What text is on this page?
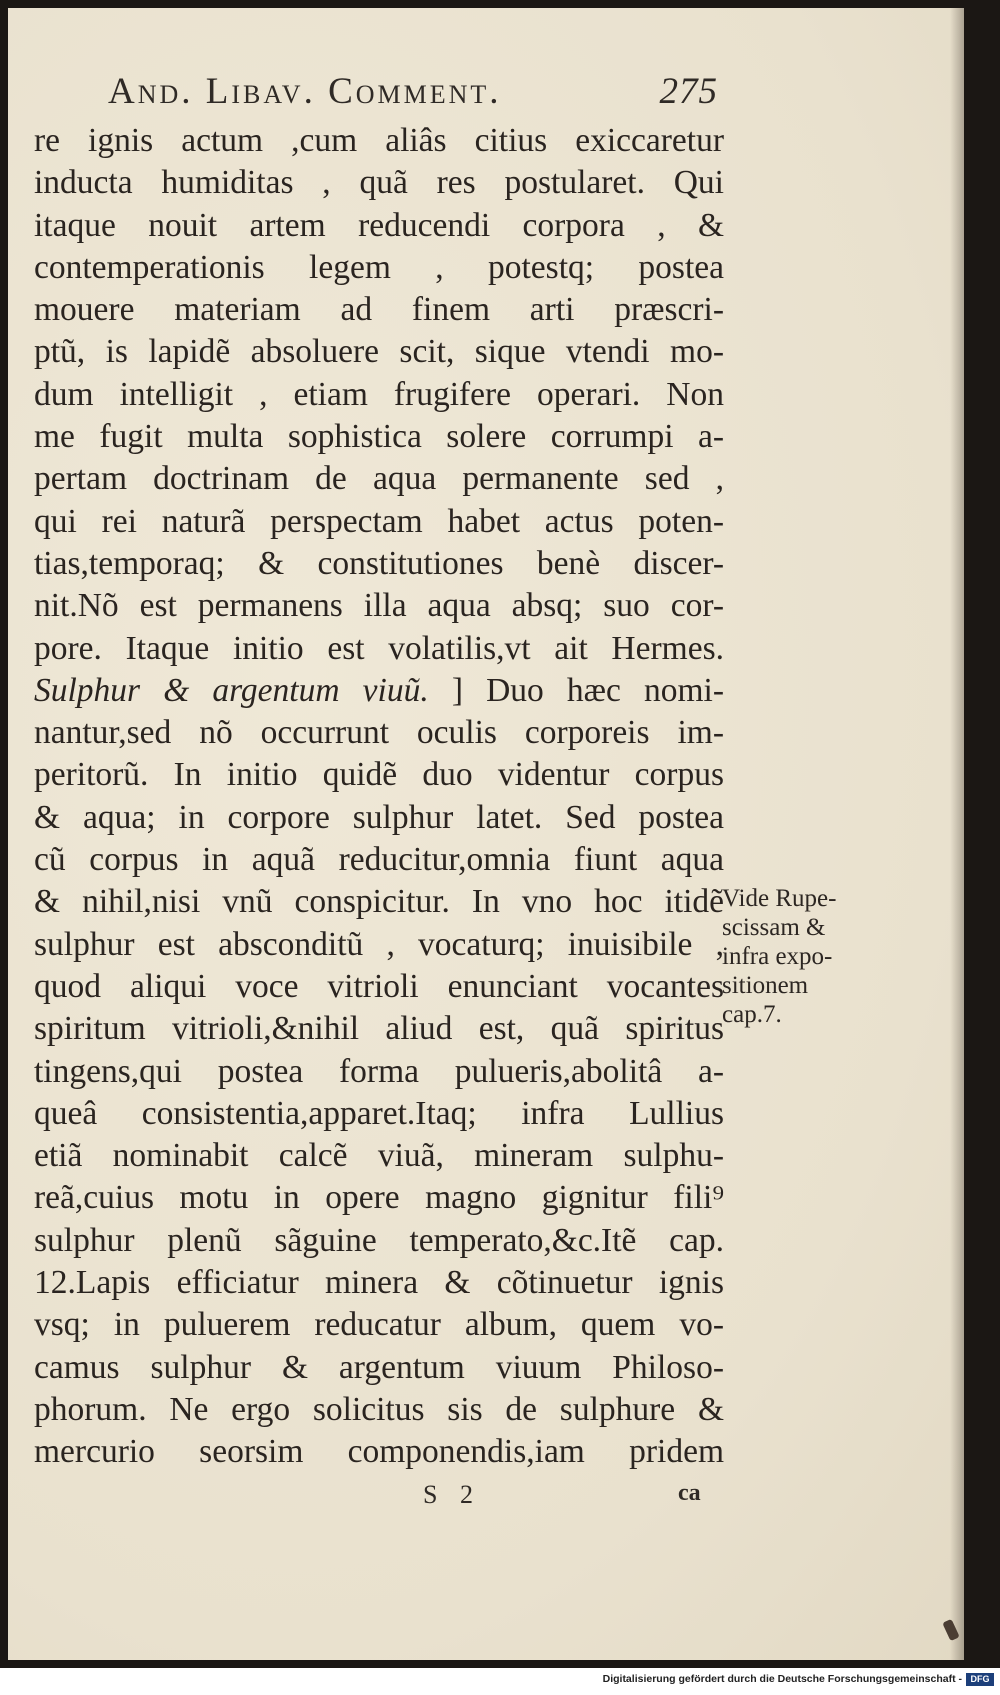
And. Libav. Comment.	275
re ignis actum ,cum aliâs citius exiccaretur
inducta humiditas , quã res postularet. Qui
itaque nouit artem reducendi corpora , &
contemperationis legem , potestq; postea
mouere materiam ad finem arti præscri-
ptũ, is lapidẽ absoluere scit, sique vtendi mo-
dum intelligit , etiam frugifere operari. Non
me fugit multa sophistica solere corrumpi a-
pertam doctrinam de aqua permanente sed ,
qui rei naturã perspectam habet actus poten-
tias,temporaq; & constitutiones benè discer-
nit.Nõ est permanens illa aqua absq; suo cor-
pore. Itaque initio est volatilis,vt ait Hermes.
Sulphur & argentum viuũ. ] Duo hæc nomi-
nantur,sed nõ occurrunt oculis corporeis im-
peritorũ. In initio quidẽ duo videntur corpus
& aqua; in corpore sulphur latet. Sed postea
cũ corpus in aquã reducitur,omnia fiunt aqua
& nihil,nisi vnũ conspicitur. In vno hoc itidẽ
sulphur est absconditũ , vocaturq; inuisibile ,
quod aliqui voce vitrioli enunciant vocantes
spiritum vitrioli,&nihil aliud est, quã spiritus
tingens,qui postea forma pulueris,abolitâ a-
queâ consistentia,apparet.Itaq; infra Lullius
etiã nominabit calcẽ viuã, mineram sulphu-
reã,cuius motu in opere magno gignitur fili⁹
sulphur plenũ sãguine temperato,&c.Itẽ cap.
12.Lapis efficiatur minera & cõtinuetur ignis
vsq; in puluerem reducatur album, quem vo-
camus sulphur & argentum viuum Philoso-
phorum. Ne ergo solicitus sis de sulphure &
mercurio seorsim componendis,iam pridem
Vide Rupe-
scissam &
infra expo-
sitionem
cap.7.
S 2	ca
Digitalisierung gefördert durch die Deutsche Forschungsgemeinschaft - DFG
